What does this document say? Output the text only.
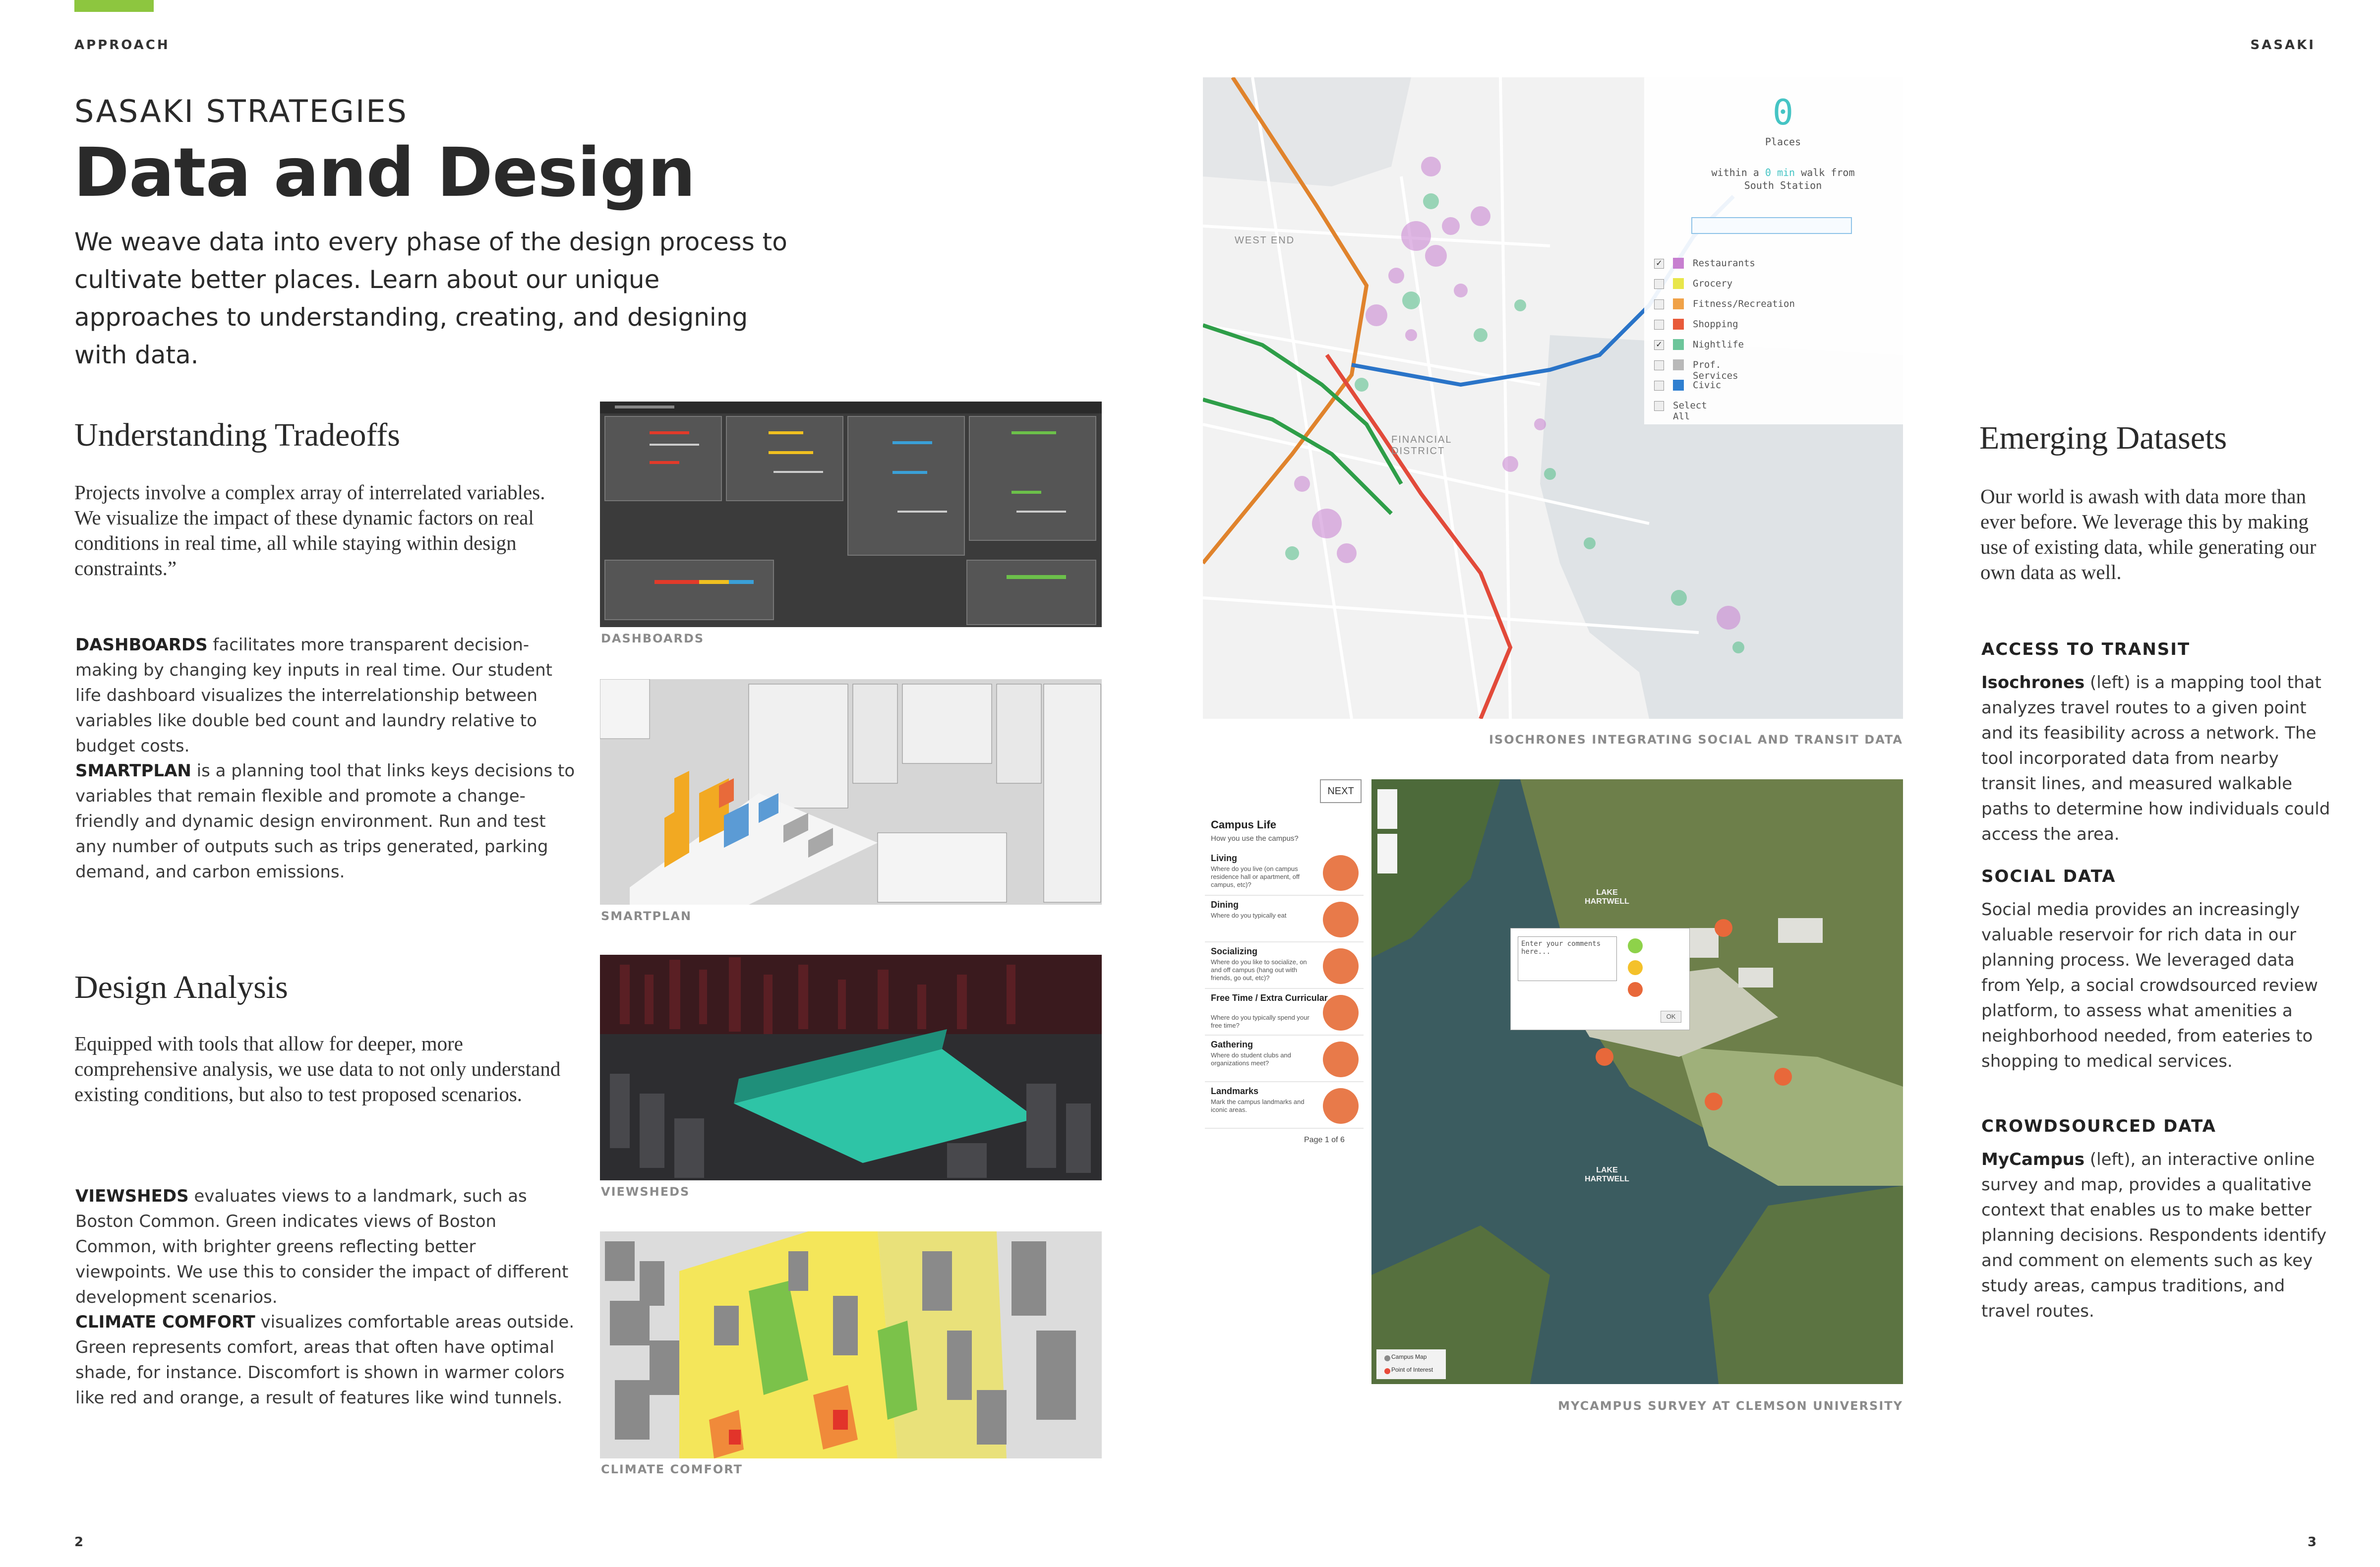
APPROACH	SASAKI
SASAKI STRATEGIES
Data and Design
We weave data into every phase of the design process to cultivate better places. Learn about our unique approaches to understanding, creating, and designing with data.
Understanding Tradeoffs
Projects involve a complex array of interrelated variables. We visualize the impact of these dynamic factors on real conditions in real time, all while staying within design constraints.”
DASHBOARDS facilitates more transparent decision-making by changing key inputs in real time. Our student life dashboard visualizes the interrelationship between variables like double bed count and laundry relative to budget costs.
SMARTPLAN is a planning tool that links keys decisions to variables that remain flexible and promote a change-friendly and dynamic design environment. Run and test any number of outputs such as trips generated, parking demand, and carbon emissions.
Design Analysis
Equipped with tools that allow for deeper, more comprehensive analysis, we use data to not only understand existing conditions, but also to test proposed scenarios.
VIEWSHEDS evaluates views to a landmark, such as Boston Common. Green indicates views of Boston Common, with brighter greens reflecting better viewpoints. We use this to consider the impact of different development scenarios.
CLIMATE COMFORT visualizes comfortable areas outside. Green represents comfort, areas that often have optimal shade, for instance. Discomfort is shown in warmer colors like red and orange, a result of features like wind tunnels.
DASHBOARDS
SMARTPLAN
VIEWSHEDS
CLIMATE COMFORT
0
Places
within a 0 min walk from
South Station
✓	Restaurants
Grocery
Fitness/Recreation
Shopping
✓	Nightlife
Prof. Services
Civic
Select All
WEST END
FINANCIAL DISTRICT
ISOCHRONES INTEGRATING SOCIAL AND TRANSIT DATA
NEXT
Campus Life
How you use the campus?
Living
Where do you live (on campus residence hall or apartment, off campus, etc)?
Dining
Where do you typically eat
Socializing
Where do you like to socialize, on and off campus (hang out with friends, go out, etc)?
Free Time / Extra Curricular
Where do you typically spend your free time?
Gathering
Where do student clubs and organizations meet?
Landmarks
Mark the campus landmarks and iconic areas.
Page 1 of 6
LAKE HARTWELL
LAKE HARTWELL
Enter your comments here...
OK
Campus Map
Point of Interest
MYCAMPUS SURVEY AT CLEMSON UNIVERSITY
Emerging Datasets
Our world is awash with data more than ever before. We leverage this by making use of existing data, while generating our own data as well.
ACCESS TO TRANSIT
Isochrones (left) is a mapping tool that analyzes travel routes to a given point and its feasibility across a network. The tool incorporated data from nearby transit lines, and measured walkable paths to determine how individuals could access the area.
SOCIAL DATA
Social media provides an increasingly valuable reservoir for rich data in our planning process. We leveraged data from Yelp, a social crowdsourced review platform, to assess what amenities a neighborhood needed, from eateries to shopping to medical services.
CROWDSOURCED DATA
MyCampus (left), an interactive online survey and map, provides a qualitative context that enables us to make better planning decisions. Respondents identify and comment on elements such as key study areas, campus traditions, and travel routes.
2	3
